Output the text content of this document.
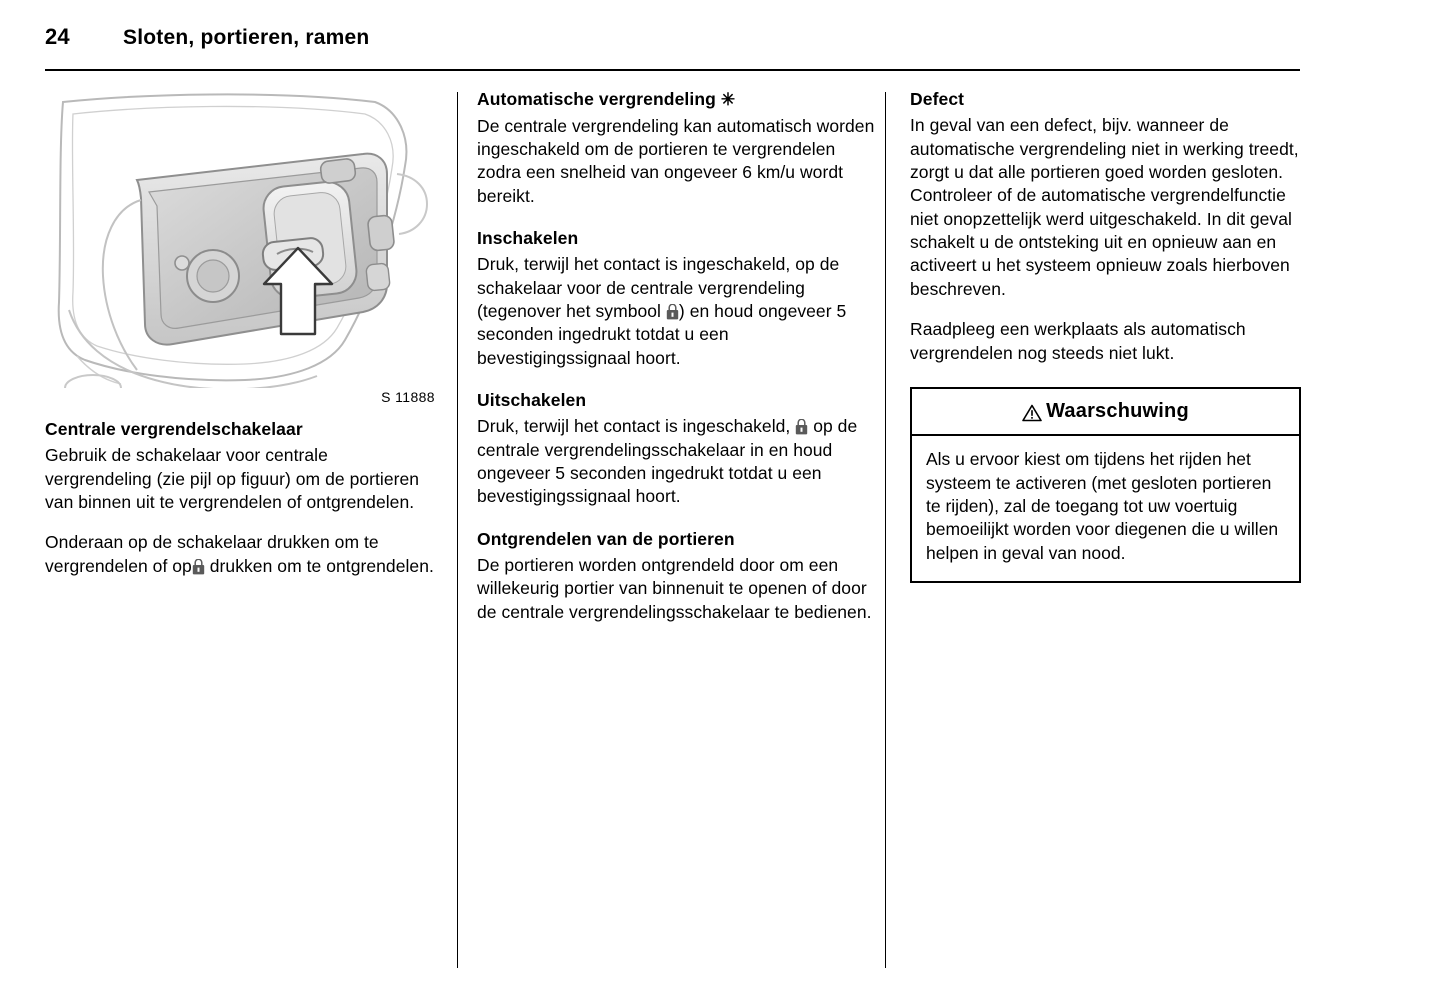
24	Sloten, portieren, ramen
S 11888
Centrale vergrendelschakelaar

Gebruik de schakelaar voor centrale vergrendeling (zie pijl op figuur) om de portieren van binnen uit te vergrendelen of ontgrendelen.

Onderaan op de schakelaar drukken om te vergrendelen of op drukken om te ontgrendelen.

Automatische vergrendeling ✳

De centrale vergrendeling kan automatisch worden ingeschakeld om de portieren te vergrendelen zodra een snelheid van ongeveer 6 km/u wordt bereikt.

Inschakelen

Druk, terwijl het contact is ingeschakeld, op de schakelaar voor de centrale vergrendeling (tegenover het symbool ) en houd ongeveer 5 seconden ingedrukt totdat u een bevestigingssignaal hoort.

Uitschakelen

Druk, terwijl het contact is ingeschakeld, op de centrale vergrendelingsschakelaar in en houd ongeveer 5 seconden ingedrukt totdat u een bevestigingssignaal hoort.

Ontgrendelen van de portieren

De portieren worden ontgrendeld door om een willekeurig portier van binnenuit te openen of door de centrale vergrendelingsschakelaar te bedienen.

Defect

In geval van een defect, bijv. wanneer de automatische vergrendeling niet in werking treedt, zorgt u dat alle portieren goed worden gesloten. Controleer of de automatische vergrendelfunctie niet onopzettelijk werd uitgeschakeld. In dit geval schakelt u de ontsteking uit en opnieuw aan en activeert u het systeem opnieuw zoals hierboven beschreven.

Raadpleeg een werkplaats als automatisch vergrendelen nog steeds niet lukt.

Waarschuwing
Als u ervoor kiest om tijdens het rijden het systeem te activeren (met gesloten portieren te rijden), zal de toegang tot uw voertuig bemoeilijkt worden voor diegenen die u willen helpen in geval van nood.
